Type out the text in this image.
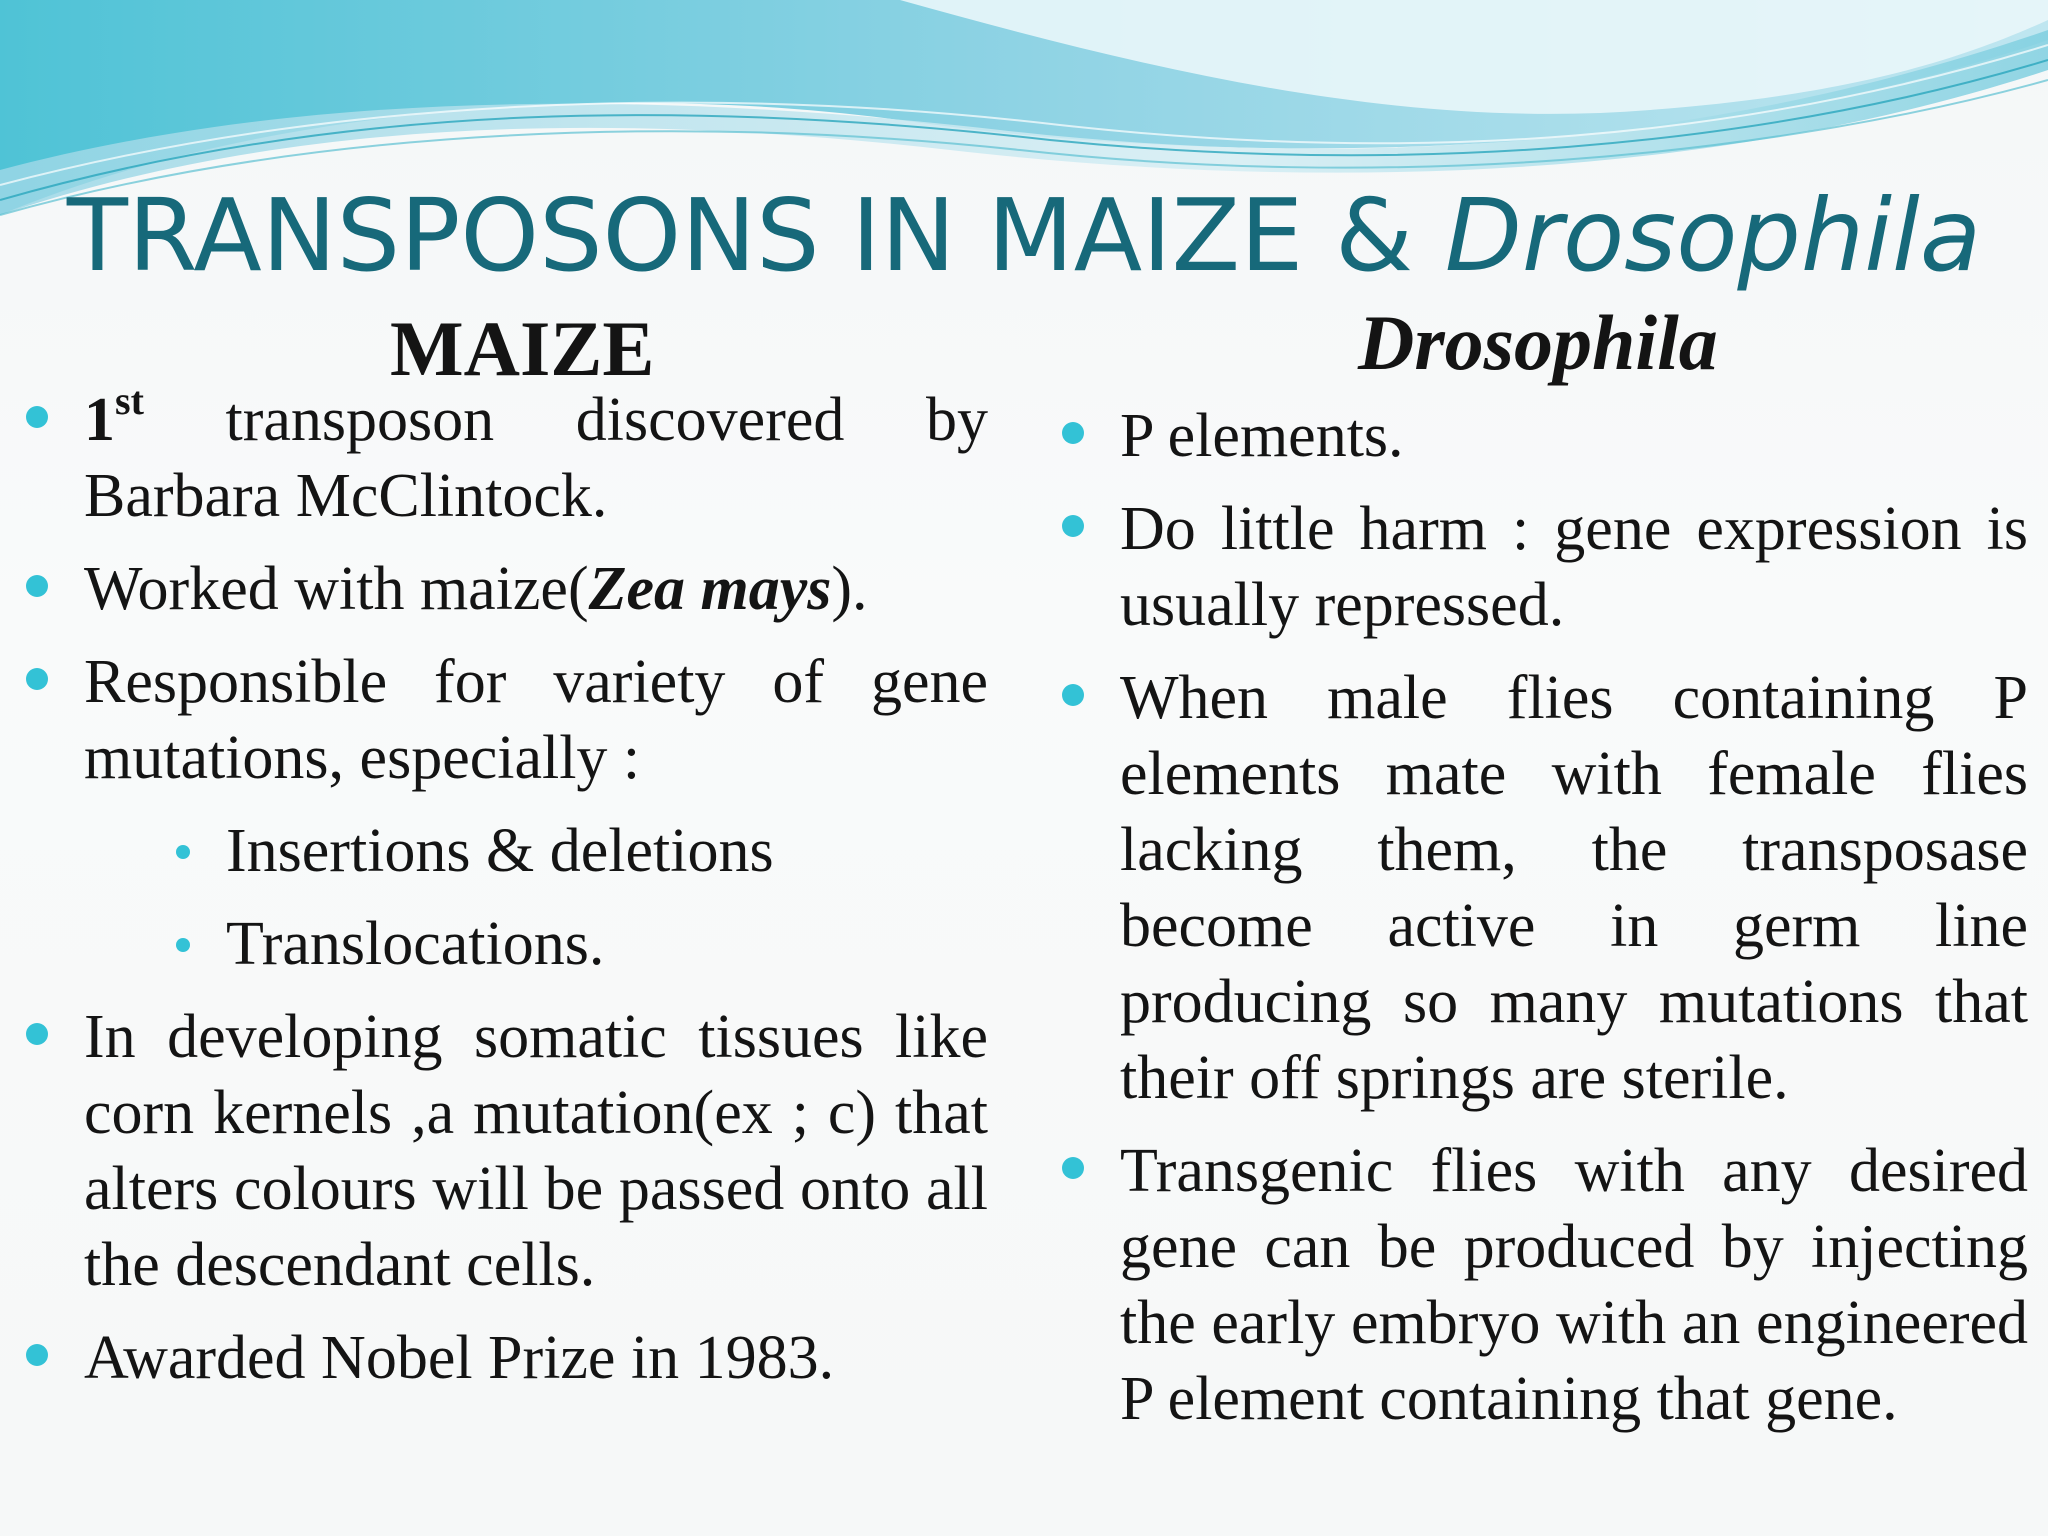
TRANSPOSONS IN MAIZE & Drosophila
MAIZE	Drosophila
1st transposon discovered by Barbara McClintock.
Worked with maize(Zea mays).
Responsible for variety of gene mutations, especially :
Insertions & deletions
Translocations.
In developing somatic tissues like corn kernels ,a mutation(ex ; c) that alters colours will be passed onto all the descendant cells.
Awarded Nobel Prize in 1983.
P elements.
Do little harm : gene expression is usually repressed.
When male flies containing P elements mate with female flies lacking them, the transposase become active in germ line producing so many mutations that their off springs are sterile.
Transgenic flies with any desired gene can be produced by injecting the early embryo with an engineered P element containing that gene.
